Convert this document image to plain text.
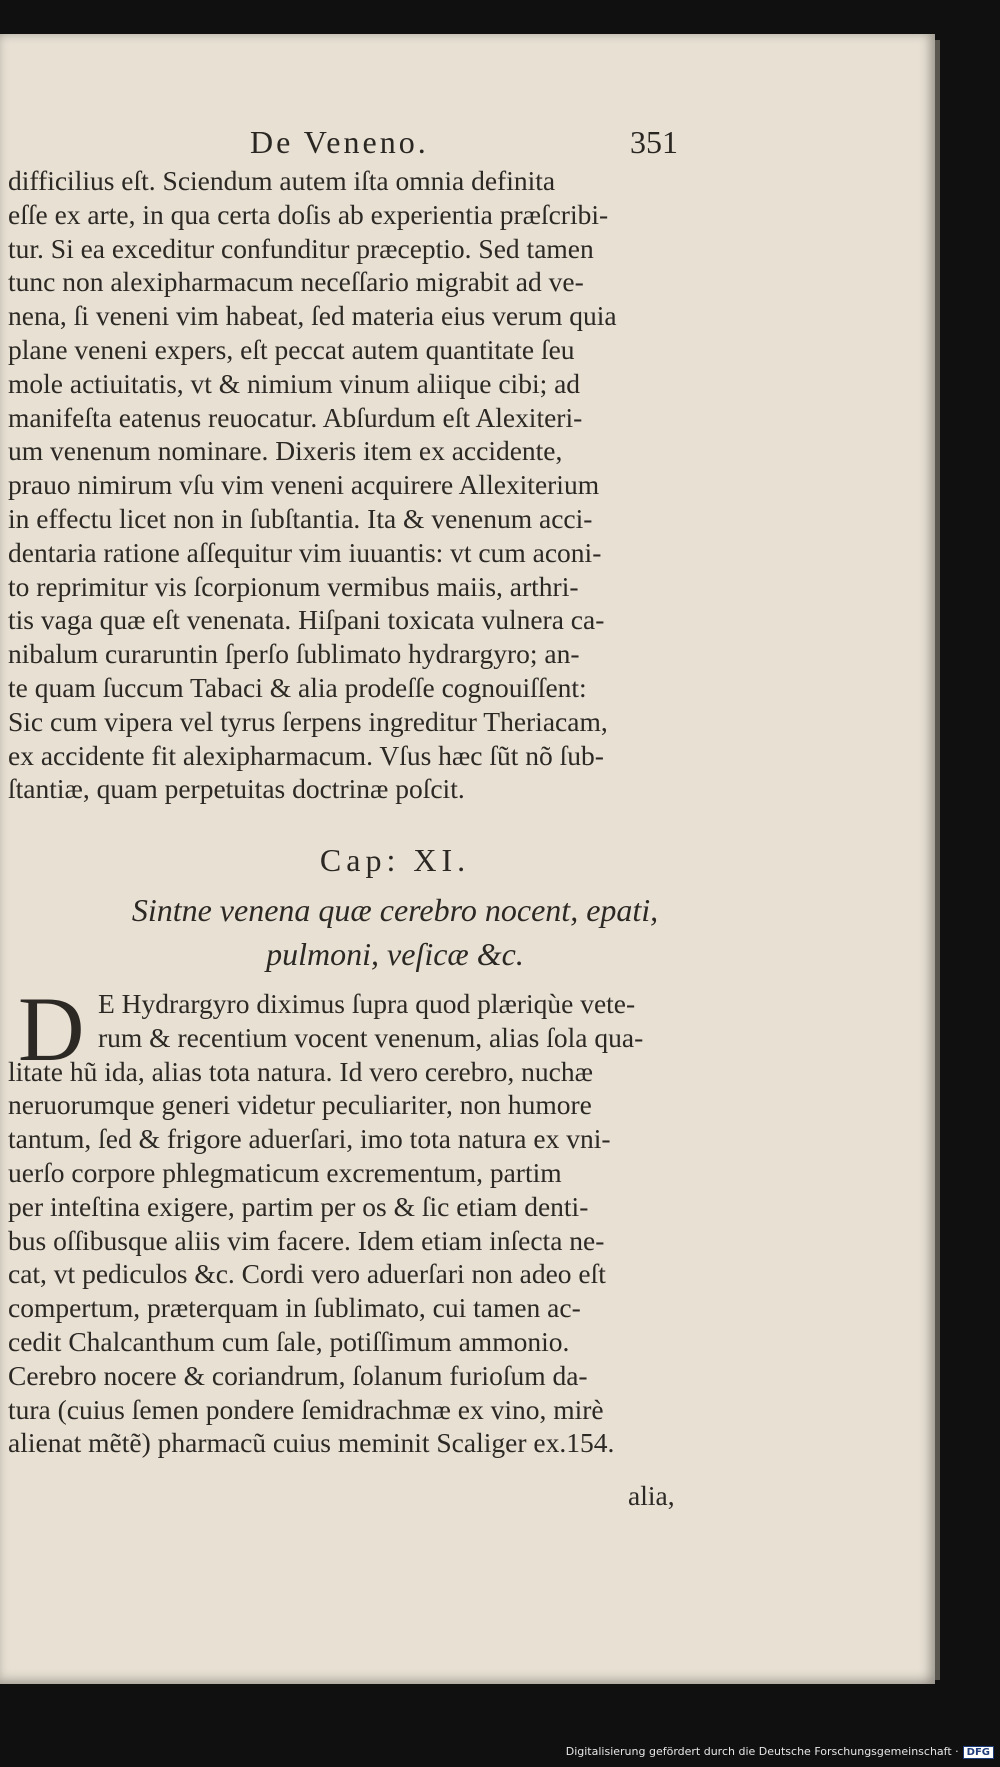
De Veneno.	351
difficilius eſt. Sciendum autem iſta omnia definita
eſſe ex arte, in qua certa doſis ab experientia præſcribi-
tur. Si ea exceditur confunditur præceptio. Sed tamen
tunc non alexipharmacum neceſſario migrabit ad ve-
nena, ſi veneni vim habeat, ſed materia eius verum quia
plane veneni expers, eſt peccat autem quantitate ſeu
mole actiuitatis, vt & nimium vinum aliique cibi; ad
manifeſta eatenus reuocatur. Abſurdum eſt Alexiteri-
um venenum nominare. Dixeris item ex accidente,
prauo nimirum vſu vim veneni acquirere Allexiterium
in effectu licet non in ſubſtantia. Ita & venenum acci-
dentaria ratione aſſequitur vim iuuantis: vt cum aconi-
to reprimitur vis ſcorpionum vermibus maiis, arthri-
tis vaga quæ eſt venenata. Hiſpani toxicata vulnera ca-
nibalum curaruntin ſperſo ſublimato hydrargyro; an-
te quam ſuccum Tabaci & alia prodeſſe cognouiſſent:
Sic cum vipera vel tyrus ſerpens ingreditur Theriacam,
ex accidente fit alexipharmacum. Vſus hæc ſũt nõ ſub-
ſtantiæ, quam perpetuitas doctrinæ poſcit.
Cap: XI.
Sintne venena quæ cerebro nocent, epati,
pulmoni, veſicæ &c.
D E Hydrargyro diximus ſupra quod plæriqùe vete-
rum & recentium vocent venenum, alias ſola qua-
litate hũ ida, alias tota natura. Id vero cerebro, nuchæ
neruorumque generi videtur peculiariter, non humore
tantum, ſed & frigore aduerſari, imo tota natura ex vni-
uerſo corpore phlegmaticum excrementum, partim
per inteſtina exigere, partim per os & ſic etiam denti-
bus oſſibusque aliis vim facere. Idem etiam inſecta ne-
cat, vt pediculos &c. Cordi vero aduerſari non adeo eſt
compertum, præterquam in ſublimato, cui tamen ac-
cedit Chalcanthum cum ſale, potiſſimum ammonio.
Cerebro nocere & coriandrum, ſolanum furioſum da-
tura (cuius ſemen pondere ſemidrachmæ ex vino, mirè
alienat mẽtẽ) pharmacũ cuius meminit Scaliger ex.154.
alia,
Digitalisierung gefördert durch die Deutsche Forschungsgemeinschaft · DFG
